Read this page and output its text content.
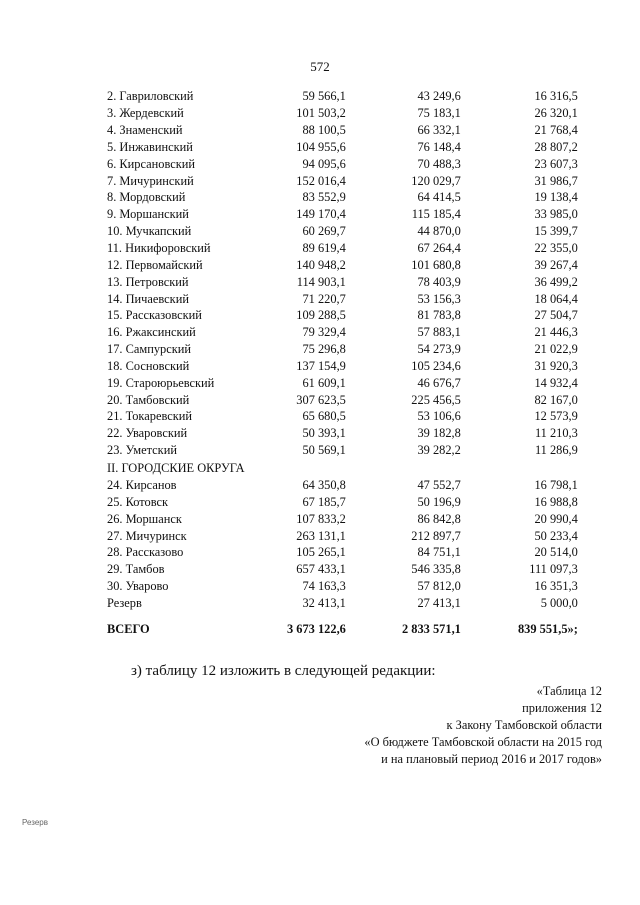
572
2. Гавриловский	59 566,1	43 249,6	16 316,5
3. Жердевский	101 503,2	75 183,1	26 320,1
4. Знаменский	88 100,5	66 332,1	21 768,4
5. Инжавинский	104 955,6	76 148,4	28 807,2
6. Кирсановский	94 095,6	70 488,3	23 607,3
7. Мичуринский	152 016,4	120 029,7	31 986,7
8. Мордовский	83 552,9	64 414,5	19 138,4
9. Моршанский	149 170,4	115 185,4	33 985,0
10. Мучкапский	60 269,7	44 870,0	15 399,7
11. Никифоровский	89 619,4	67 264,4	22 355,0
12. Первомайский	140 948,2	101 680,8	39 267,4
13. Петровский	114 903,1	78 403,9	36 499,2
14. Пичаевский	71 220,7	53 156,3	18 064,4
15. Рассказовский	109 288,5	81 783,8	27 504,7
16. Ржаксинский	79 329,4	57 883,1	21 446,3
17. Сампурский	75 296,8	54 273,9	21 022,9
18. Сосновский	137 154,9	105 234,6	31 920,3
19. Староюрьевский	61 609,1	46 676,7	14 932,4
20. Тамбовский	307 623,5	225 456,5	82 167,0
21. Токаревский	65 680,5	53 106,6	12 573,9
22. Уваровский	50 393,1	39 182,8	11 210,3
23. Уметский	50 569,1	39 282,2	11 286,9
II. ГОРОДСКИЕ ОКРУГА			
24. Кирсанов	64 350,8	47 552,7	16 798,1
25. Котовск	67 185,7	50 196,9	16 988,8
26. Моршанск	107 833,2	86 842,8	20 990,4
27. Мичуринск	263 131,1	212 897,7	50 233,4
28. Рассказово	105 265,1	84 751,1	20 514,0
29. Тамбов	657 433,1	546 335,8	111 097,3
30. Уварово	74 163,3	57 812,0	16 351,3
Резерв	32 413,1	27 413,1	5 000,0

ВСЕГО	3 673 122,6	2 833 571,1	839 551,5»;
з) таблицу 12 изложить в следующей редакции:
«Таблица 12
приложения 12
к Закону Тамбовской области
«О бюджете Тамбовской области на 2015 год
и на плановый период 2016 и 2017 годов»
Резерв
